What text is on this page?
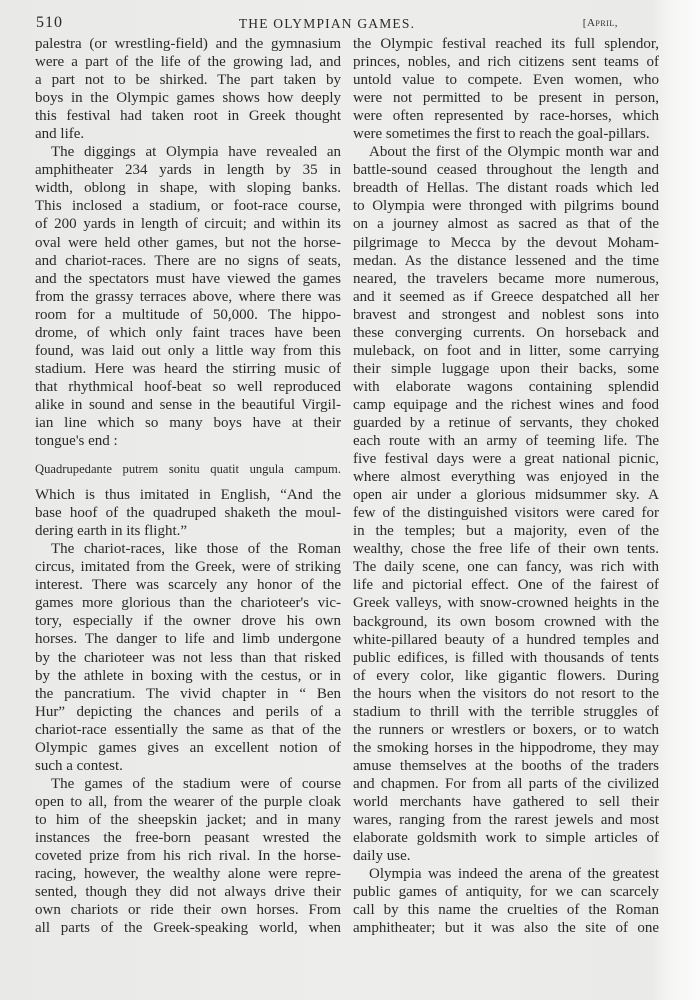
510	THE OLYMPIAN GAMES.	[April,
palestra (or wrestling-field) and the gymnasium
were a part of the life of the growing lad, and
a part not to be shirked. The part taken by
boys in the Olympic games shows how deeply
this festival had taken root in Greek thought
and life.
The diggings at Olympia have revealed an
amphitheater 234 yards in length by 35 in
width, oblong in shape, with sloping banks.
This inclosed a stadium, or foot-race course,
of 200 yards in length of circuit; and within its
oval were held other games, but not the horse-
and chariot-races. There are no signs of seats,
and the spectators must have viewed the games
from the grassy terraces above, where there was
room for a multitude of 50,000. The hippo-
drome, of which only faint traces have been
found, was laid out only a little way from this
stadium. Here was heard the stirring music of
that rhythmical hoof-beat so well reproduced
alike in sound and sense in the beautiful Virgil-
ian line which so many boys have at their
tongue's end :
Quadrupedante putrem sonitu quatit ungula campum.
Which is thus imitated in English, “And the
base hoof of the quadruped shaketh the moul-
dering earth in its flight.”
The chariot-races, like those of the Roman
circus, imitated from the Greek, were of striking
interest. There was scarcely any honor of the
games more glorious than the charioteer's vic-
tory, especially if the owner drove his own
horses. The danger to life and limb undergone
by the charioteer was not less than that risked
by the athlete in boxing with the cestus, or in
the pancratium. The vivid chapter in “ Ben
Hur” depicting the chances and perils of a
chariot-race essentially the same as that of the
Olympic games gives an excellent notion of
such a contest.
The games of the stadium were of course
open to all, from the wearer of the purple cloak
to him of the sheepskin jacket; and in many
instances the free-born peasant wrested the
coveted prize from his rich rival. In the horse-
racing, however, the wealthy alone were repre-
sented, though they did not always drive their
own chariots or ride their own horses. From
all parts of the Greek-speaking world, when
the Olympic festival reached its full splendor,
princes, nobles, and rich citizens sent teams of
untold value to compete. Even women, who
were not permitted to be present in person,
were often represented by race-horses, which
were sometimes the first to reach the goal-pillars.
About the first of the Olympic month war and
battle-sound ceased throughout the length and
breadth of Hellas. The distant roads which led
to Olympia were thronged with pilgrims bound
on a journey almost as sacred as that of the
pilgrimage to Mecca by the devout Moham-
medan. As the distance lessened and the time
neared, the travelers became more numerous,
and it seemed as if Greece despatched all her
bravest and strongest and noblest sons into
these converging currents. On horseback and
muleback, on foot and in litter, some carrying
their simple luggage upon their backs, some
with elaborate wagons containing splendid
camp equipage and the richest wines and food
guarded by a retinue of servants, they choked
each route with an army of teeming life. The
five festival days were a great national picnic,
where almost everything was enjoyed in the
open air under a glorious midsummer sky. A
few of the distinguished visitors were cared for
in the temples; but a majority, even of the
wealthy, chose the free life of their own tents.
The daily scene, one can fancy, was rich with
life and pictorial effect. One of the fairest of
Greek valleys, with snow-crowned heights in the
background, its own bosom crowned with the
white-pillared beauty of a hundred temples and
public edifices, is filled with thousands of tents
of every color, like gigantic flowers. During
the hours when the visitors do not resort to the
stadium to thrill with the terrible struggles of
the runners or wrestlers or boxers, or to watch
the smoking horses in the hippodrome, they may
amuse themselves at the booths of the traders
and chapmen. For from all parts of the civilized
world merchants have gathered to sell their
wares, ranging from the rarest jewels and most
elaborate goldsmith work to simple articles of
daily use.
Olympia was indeed the arena of the greatest
public games of antiquity, for we can scarcely
call by this name the cruelties of the Roman
amphitheater; but it was also the site of one
